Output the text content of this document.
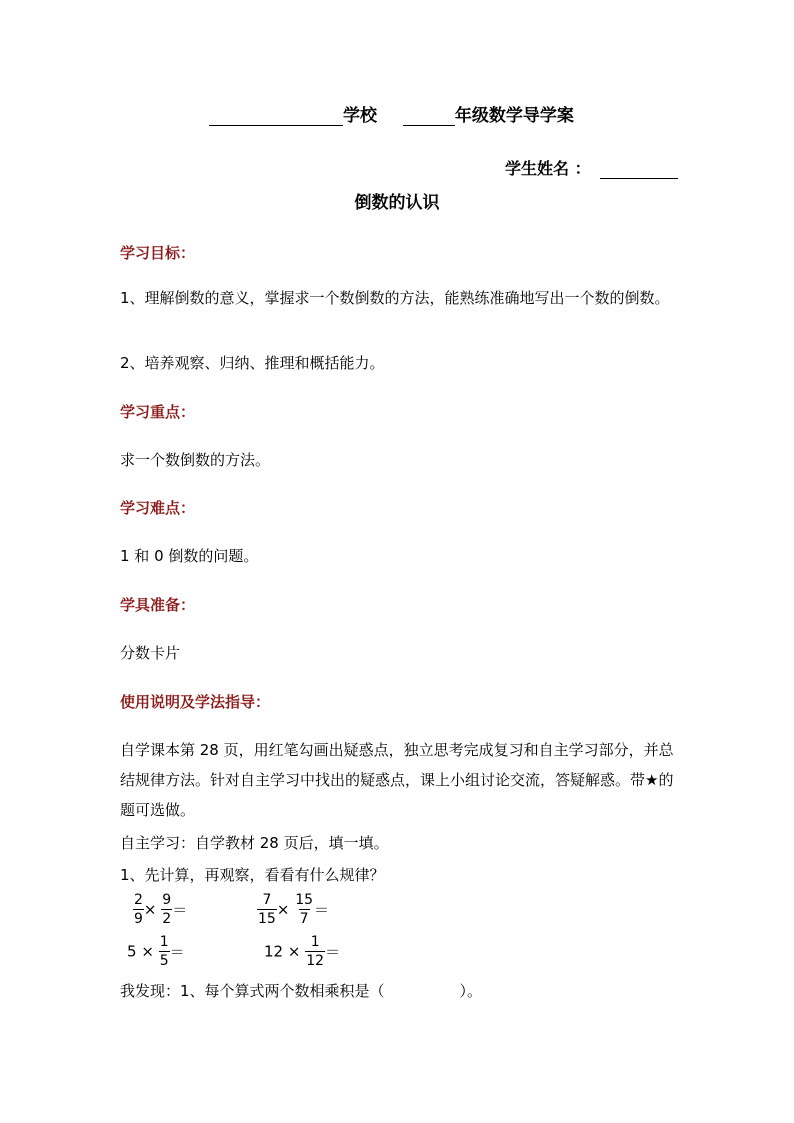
学校	年级数学导学案
学生姓名 ：
倒数的认识
学习目标：
1、理解倒数的意义，掌握求一个数倒数的方法，能熟练准确地写出一个数的倒数。
2、培养观察、归纳、推理和概括能力。
学习重点：
求一个数倒数的方法。
学习难点：
1 和 0 倒数的问题。
学具准备：
分数卡片
使用说明及学法指导：
自学课本第 28 页，用红笔勾画出疑惑点，独立思考完成复习和自主学习部分，并总结规律方法。针对自主学习中找出的疑惑点，课上小组讨论交流，答疑解惑。带★的题可选做。
自主学习：自学教材 28 页后，填一填。
1、先计算，再观察，看看有什么规律？
$\frac{2}{9} \times \frac{9}{2}$ ＝	$\frac{7}{15} \times \frac{15}{7}$ ＝
$5 \times \frac{1}{5}$ ＝	$12 \times \frac{1}{12}$ ＝
我发现：1、每个算式两个数相乘积是（　　　　　）。
